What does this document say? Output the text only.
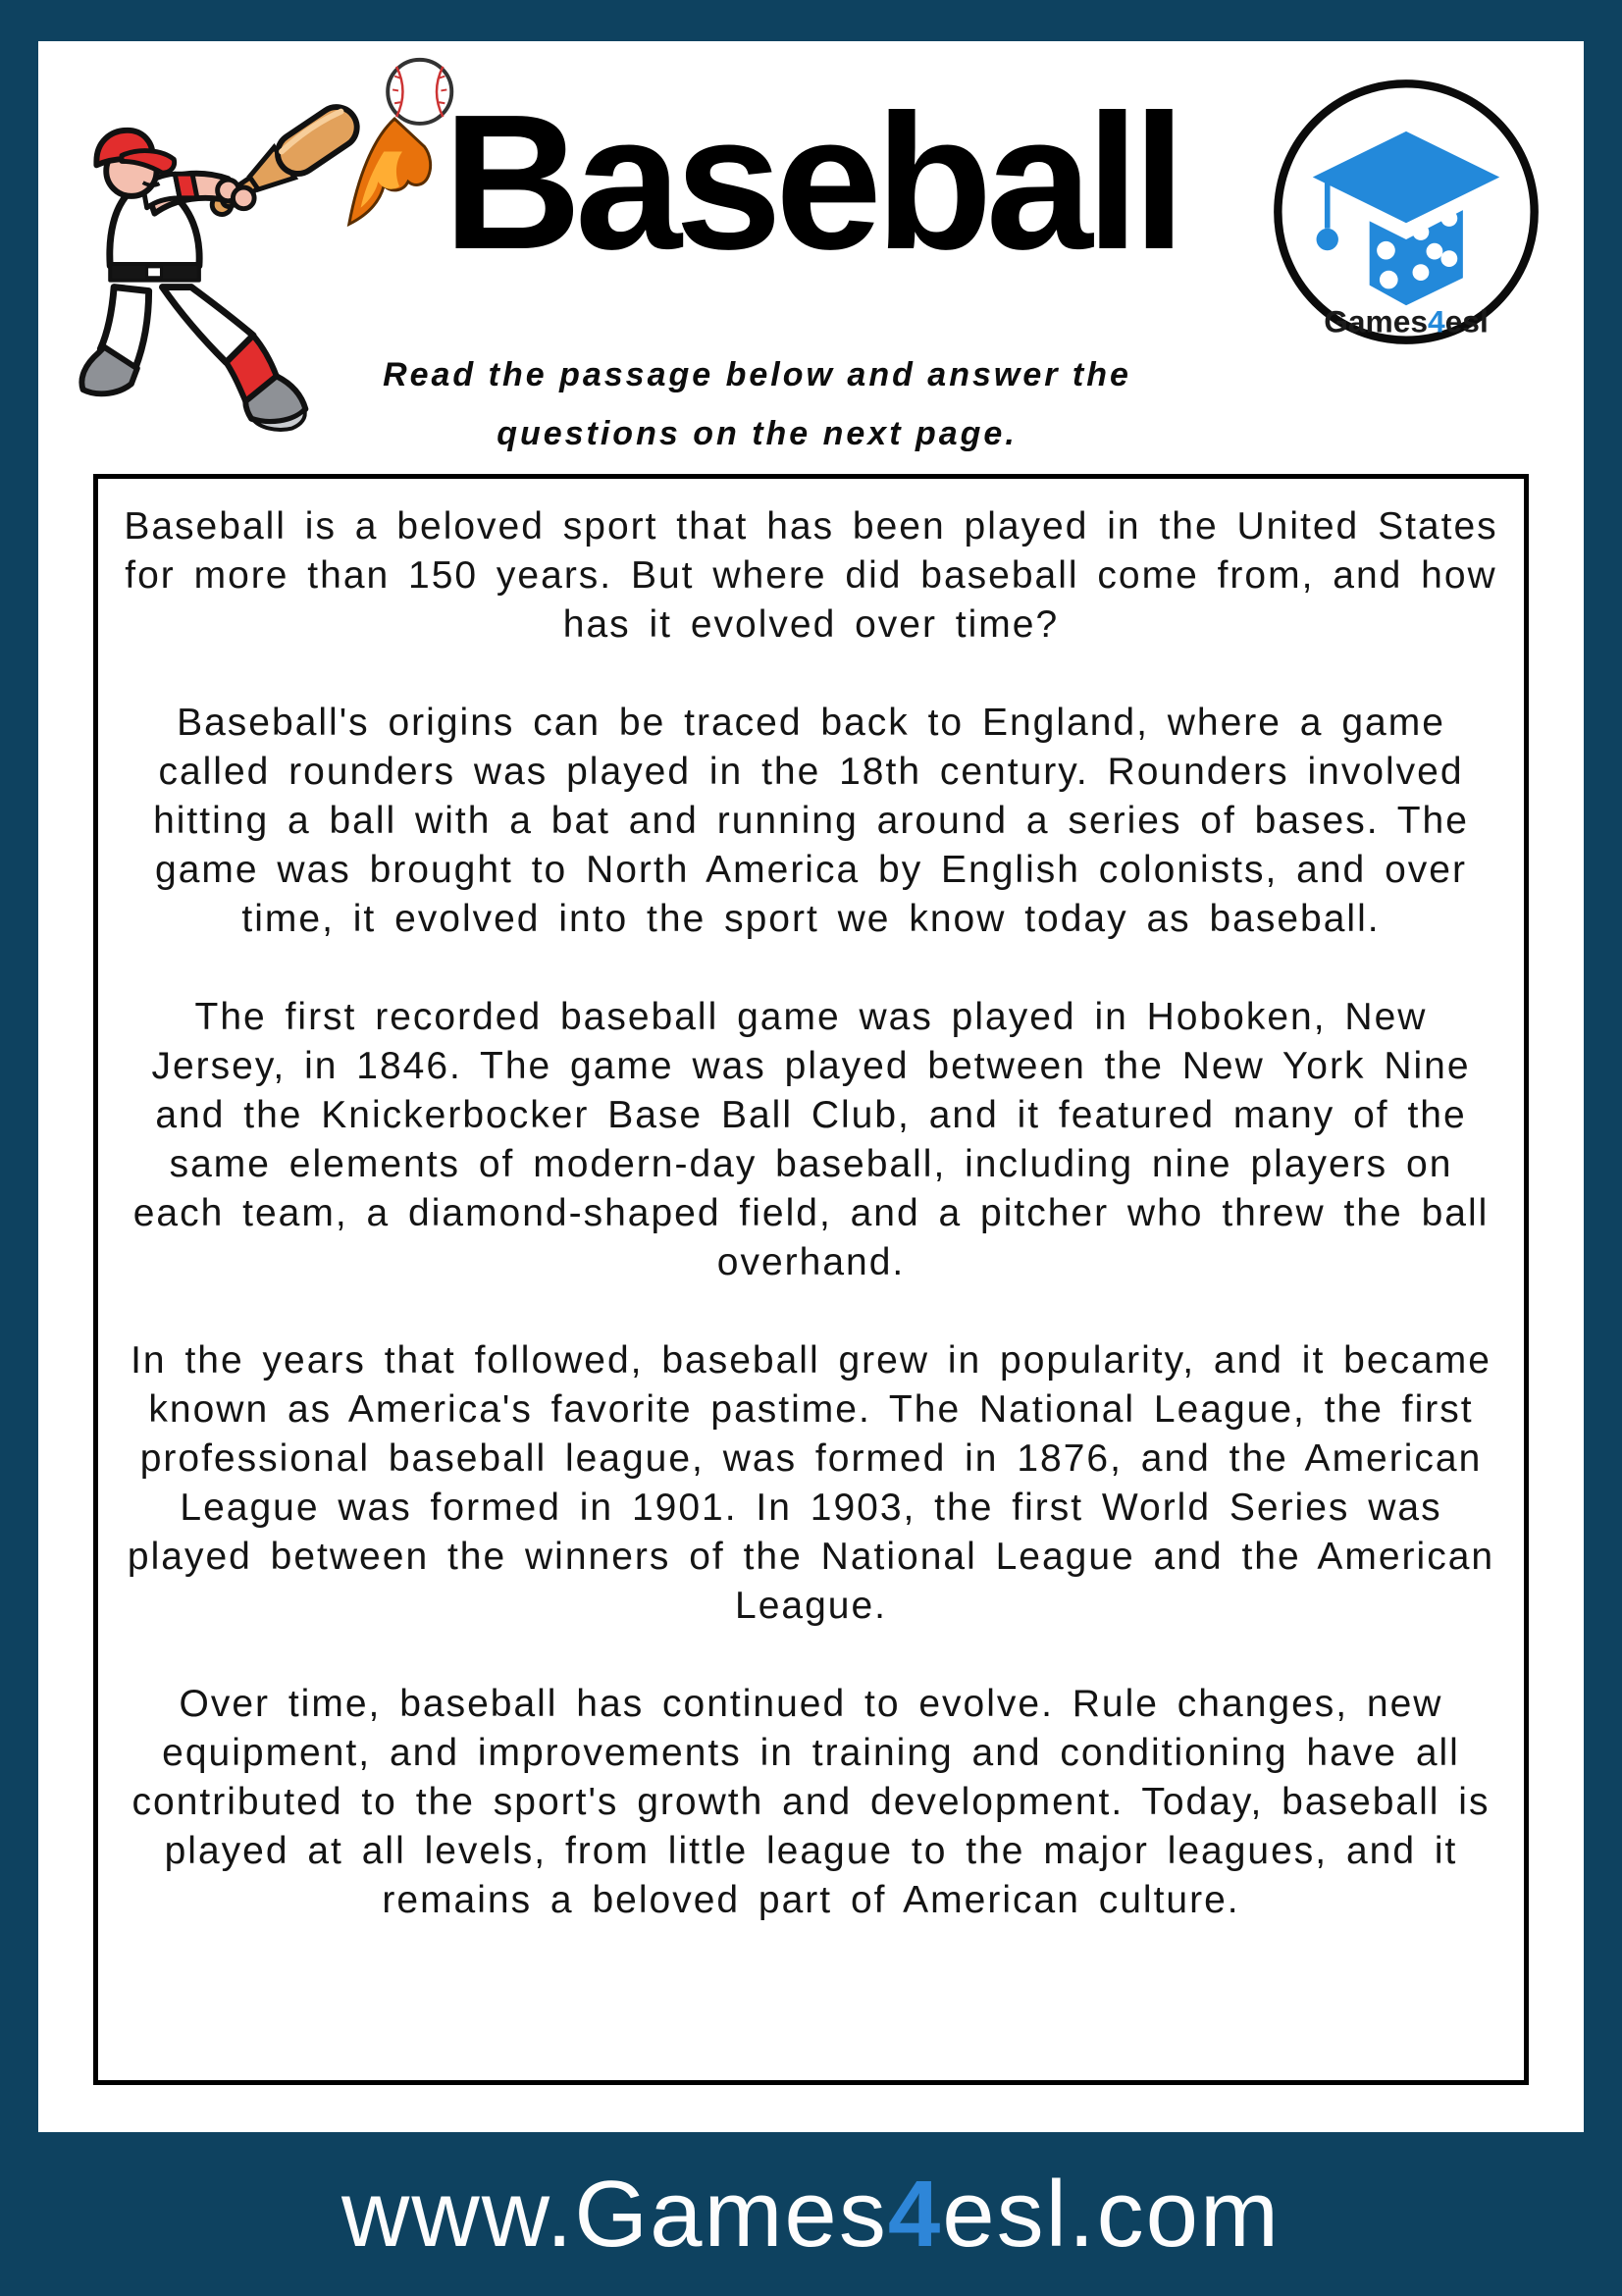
Baseball
Games4esl
Read the passage below and answer the
questions on the next page.

Baseball is a beloved sport that has been played in the United States for more than 150 years. But where did baseball come from, and how has it evolved over time?

Baseball's origins can be traced back to England, where a game called rounders was played in the 18th century. Rounders involved hitting a ball with a bat and running around a series of bases. The game was brought to North America by English colonists, and over time, it evolved into the sport we know today as baseball.

The first recorded baseball game was played in Hoboken, New Jersey, in 1846. The game was played between the New York Nine and the Knickerbocker Base Ball Club, and it featured many of the same elements of modern-day baseball, including nine players on each team, a diamond-shaped field, and a pitcher who threw the ball overhand.

In the years that followed, baseball grew in popularity, and it became known as America's favorite pastime. The National League, the first professional baseball league, was formed in 1876, and the American League was formed in 1901. In 1903, the first World Series was played between the winners of the National League and the American League.

Over time, baseball has continued to evolve. Rule changes, new equipment, and improvements in training and conditioning have all contributed to the sport's growth and development. Today, baseball is played at all levels, from little league to the major leagues, and it remains a beloved part of American culture.

www.Games4esl.com
